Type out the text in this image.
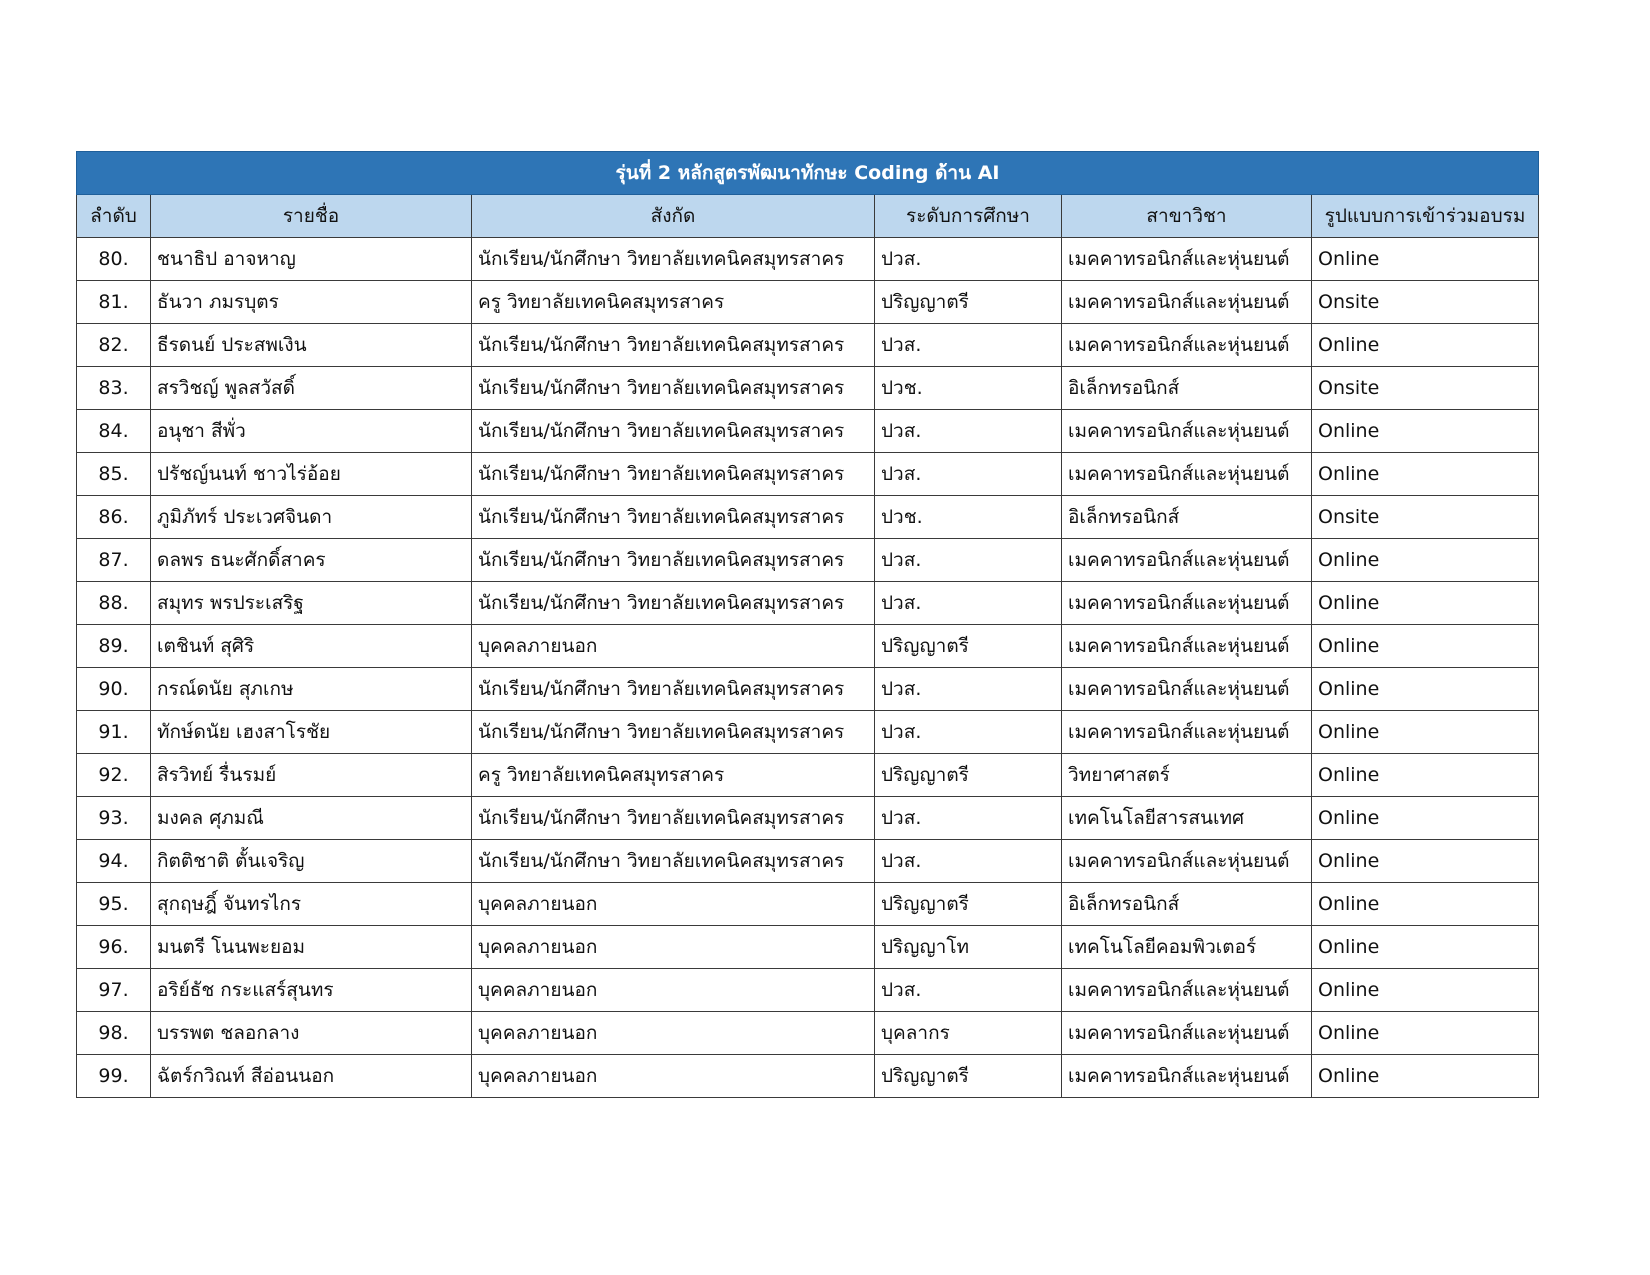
รุ่นที่ 2 หลักสูตรพัฒนาทักษะ Coding ด้าน AI					
ลำดับ	รายชื่อ	สังกัด	ระดับการศึกษา	สาขาวิชา	รูปแบบการเข้าร่วมอบรม
80.	ชนาธิป อาจหาญ	นักเรียน/นักศึกษา วิทยาลัยเทคนิคสมุทรสาคร	ปวส.	เมคคาทรอนิกส์และหุ่นยนต์	Online
81.	ธันวา ภมรบุตร	ครู วิทยาลัยเทคนิคสมุทรสาคร	ปริญญาตรี	เมคคาทรอนิกส์และหุ่นยนต์	Onsite
82.	ธีรดนย์ ประสพเงิน	นักเรียน/นักศึกษา วิทยาลัยเทคนิคสมุทรสาคร	ปวส.	เมคคาทรอนิกส์และหุ่นยนต์	Online
83.	สรวิชญ์ พูลสวัสดิ์	นักเรียน/นักศึกษา วิทยาลัยเทคนิคสมุทรสาคร	ปวช.	อิเล็กทรอนิกส์	Onsite
84.	อนุชา สีพั่ว	นักเรียน/นักศึกษา วิทยาลัยเทคนิคสมุทรสาคร	ปวส.	เมคคาทรอนิกส์และหุ่นยนต์	Online
85.	ปรัชญ์นนท์ ชาวไร่อ้อย	นักเรียน/นักศึกษา วิทยาลัยเทคนิคสมุทรสาคร	ปวส.	เมคคาทรอนิกส์และหุ่นยนต์	Online
86.	ภูมิภัทร์ ประเวศจินดา	นักเรียน/นักศึกษา วิทยาลัยเทคนิคสมุทรสาคร	ปวช.	อิเล็กทรอนิกส์	Onsite
87.	ดลพร ธนะศักดิ์สาคร	นักเรียน/นักศึกษา วิทยาลัยเทคนิคสมุทรสาคร	ปวส.	เมคคาทรอนิกส์และหุ่นยนต์	Online
88.	สมุทร พรประเสริฐ	นักเรียน/นักศึกษา วิทยาลัยเทคนิคสมุทรสาคร	ปวส.	เมคคาทรอนิกส์และหุ่นยนต์	Online
89.	เตชินท์ สุศิริ	บุคคลภายนอก	ปริญญาตรี	เมคคาทรอนิกส์และหุ่นยนต์	Online
90.	กรณ์ดนัย สุภเกษ	นักเรียน/นักศึกษา วิทยาลัยเทคนิคสมุทรสาคร	ปวส.	เมคคาทรอนิกส์และหุ่นยนต์	Online
91.	ทักษ์ดนัย เฮงสาโรชัย	นักเรียน/นักศึกษา วิทยาลัยเทคนิคสมุทรสาคร	ปวส.	เมคคาทรอนิกส์และหุ่นยนต์	Online
92.	สิรวิทย์ รื่นรมย์	ครู วิทยาลัยเทคนิคสมุทรสาคร	ปริญญาตรี	วิทยาศาสตร์	Online
93.	มงคล ศุภมณี	นักเรียน/นักศึกษา วิทยาลัยเทคนิคสมุทรสาคร	ปวส.	เทคโนโลยีสารสนเทศ	Online
94.	กิตติชาติ ตั้นเจริญ	นักเรียน/นักศึกษา วิทยาลัยเทคนิคสมุทรสาคร	ปวส.	เมคคาทรอนิกส์และหุ่นยนต์	Online
95.	สุกฤษฎิ์ จันทรไกร	บุคคลภายนอก	ปริญญาตรี	อิเล็กทรอนิกส์	Online
96.	มนตรี โนนพะยอม	บุคคลภายนอก	ปริญญาโท	เทคโนโลยีคอมพิวเตอร์	Online
97.	อริย์ธัช กระแสร์สุนทร	บุคคลภายนอก	ปวส.	เมคคาทรอนิกส์และหุ่นยนต์	Online
98.	บรรพต ชลอกลาง	บุคคลภายนอก	บุคลากร	เมคคาทรอนิกส์และหุ่นยนต์	Online
99.	ฉัตร์กวิณท์ สีอ่อนนอก	บุคคลภายนอก	ปริญญาตรี	เมคคาทรอนิกส์และหุ่นยนต์	Online
